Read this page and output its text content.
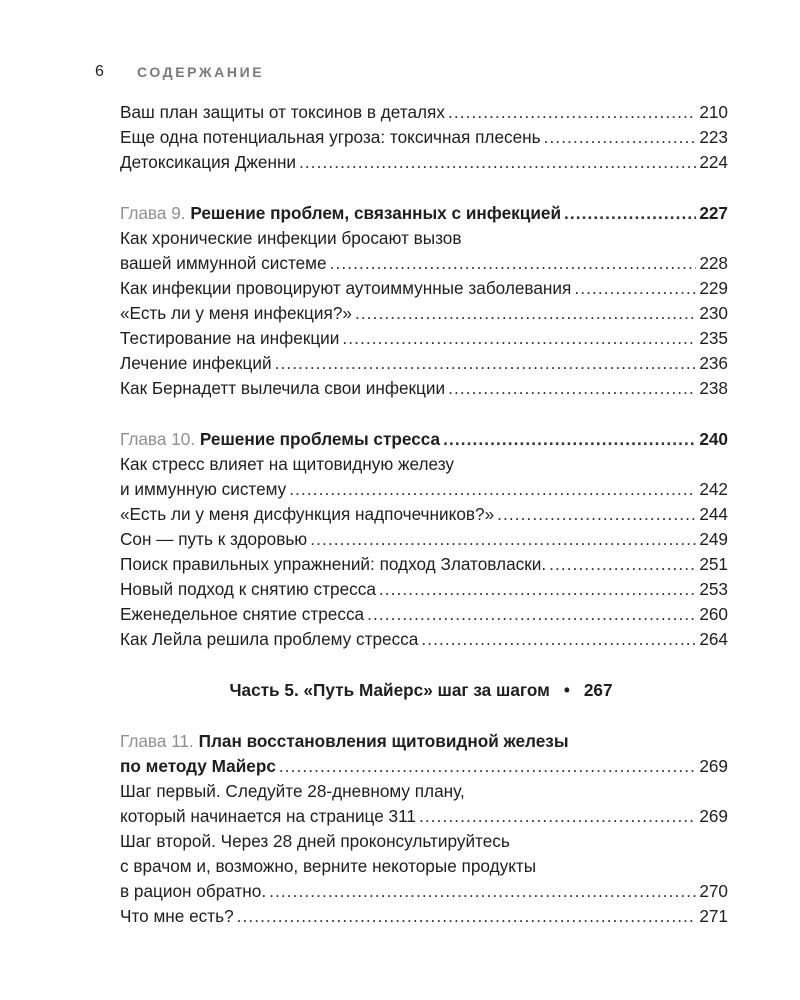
6	СОДЕРЖАНИЕ
Ваш план защиты от токсинов в деталях .....	210
Еще одна потенциальная угроза: токсичная плесень .....	223
Детоксикация Дженни .....	224
Глава 9. Решение проблем, связанных с инфекцией .....	227
Как хронические инфекции бросают вызов
вашей иммунной системе .....	228
Как инфекции провоцируют аутоиммунные заболевания .....	229
«Есть ли у меня инфекция?» .....	230
Тестирование на инфекции .....	235
Лечение инфекций .....	236
Как Бернадетт вылечила свои инфекции .....	238
Глава 10. Решение проблемы стресса .....	240
Как стресс влияет на щитовидную железу
и иммунную систему .....	242
«Есть ли у меня дисфункция надпочечников?» .....	244
Сон — путь к здоровью .....	249
Поиск правильных упражнений: подход Златовласки. .....	251
Новый подход к снятию стресса .....	253
Еженедельное снятие стресса .....	260
Как Лейла решила проблему стресса .....	264
Часть 5. «Путь Майерс» шаг за шагом • 267
Глава 11. План восстановления щитовидной железы
по методу Майерс .....	269
Шаг первый. Следуйте 28-дневному плану,
который начинается на странице 311 .....	269
Шаг второй. Через 28 дней проконсультируйтесь
с врачом и, возможно, верните некоторые продукты
в рацион обратно. .....	270
Что мне есть? .....	271
